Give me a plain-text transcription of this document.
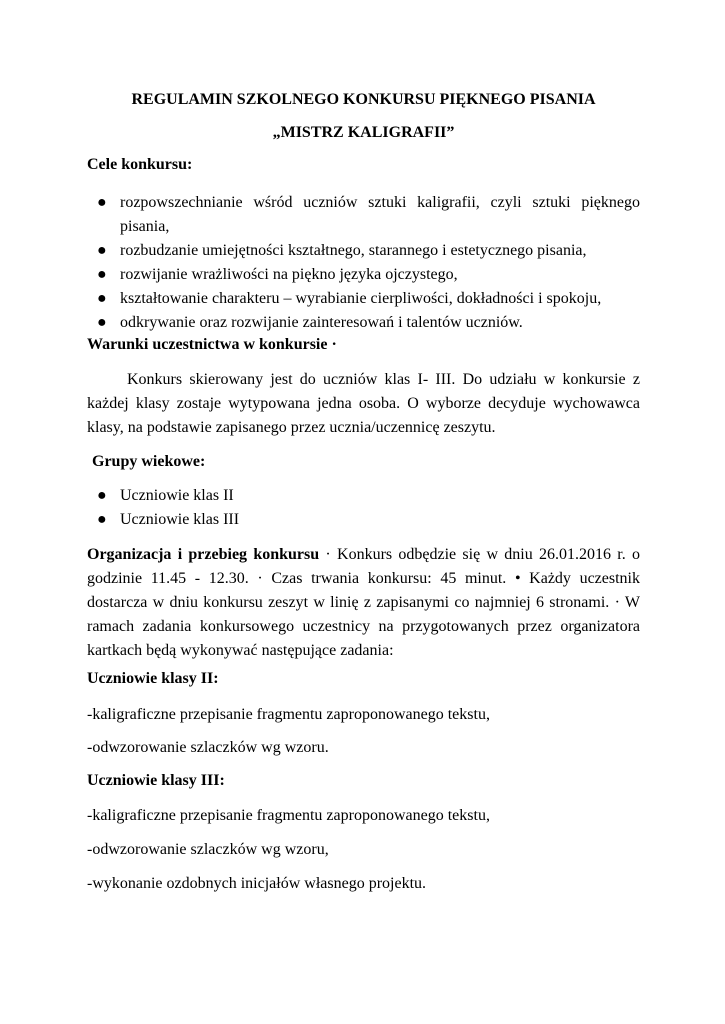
REGULAMIN SZKOLNEGO KONKURSU PIĘKNEGO PISANIA

„MISTRZ KALIGRAFII”

Cele konkursu:

● rozpowszechnianie wśród uczniów sztuki kaligrafii, czyli sztuki pięknego pisania,
● rozbudzanie umiejętności kształtnego, starannego i estetycznego pisania,
● rozwijanie wrażliwości na piękno języka ojczystego,
● kształtowanie charakteru – wyrabianie cierpliwości, dokładności i spokoju,
● odkrywanie oraz rozwijanie zainteresowań i talentów uczniów.

Warunki uczestnictwa w konkursie ·

Konkurs skierowany jest do uczniów klas I- III. Do udziału w konkursie z każdej klasy zostaje wytypowana jedna osoba. O wyborze decyduje wychowawca klasy, na podstawie zapisanego przez ucznia/uczennicę zeszytu.

Grupy wiekowe:

● Uczniowie klas II
● Uczniowie klas III

Organizacja i przebieg konkursu · Konkurs odbędzie się w dniu 26.01.2016 r. o godzinie 11.45 - 12.30. · Czas trwania konkursu: 45 minut. • Każdy uczestnik dostarcza w dniu konkursu zeszyt w linię z zapisanymi co najmniej 6 stronami. · W ramach zadania konkursowego uczestnicy na przygotowanych przez organizatora kartkach będą wykonywać następujące zadania:

Uczniowie klasy II:

-kaligraficzne przepisanie fragmentu zaproponowanego tekstu,

-odwzorowanie szlaczków wg wzoru.

Uczniowie klasy III:

-kaligraficzne przepisanie fragmentu zaproponowanego tekstu,

-odwzorowanie szlaczków wg wzoru,

-wykonanie ozdobnych inicjałów własnego projektu.
